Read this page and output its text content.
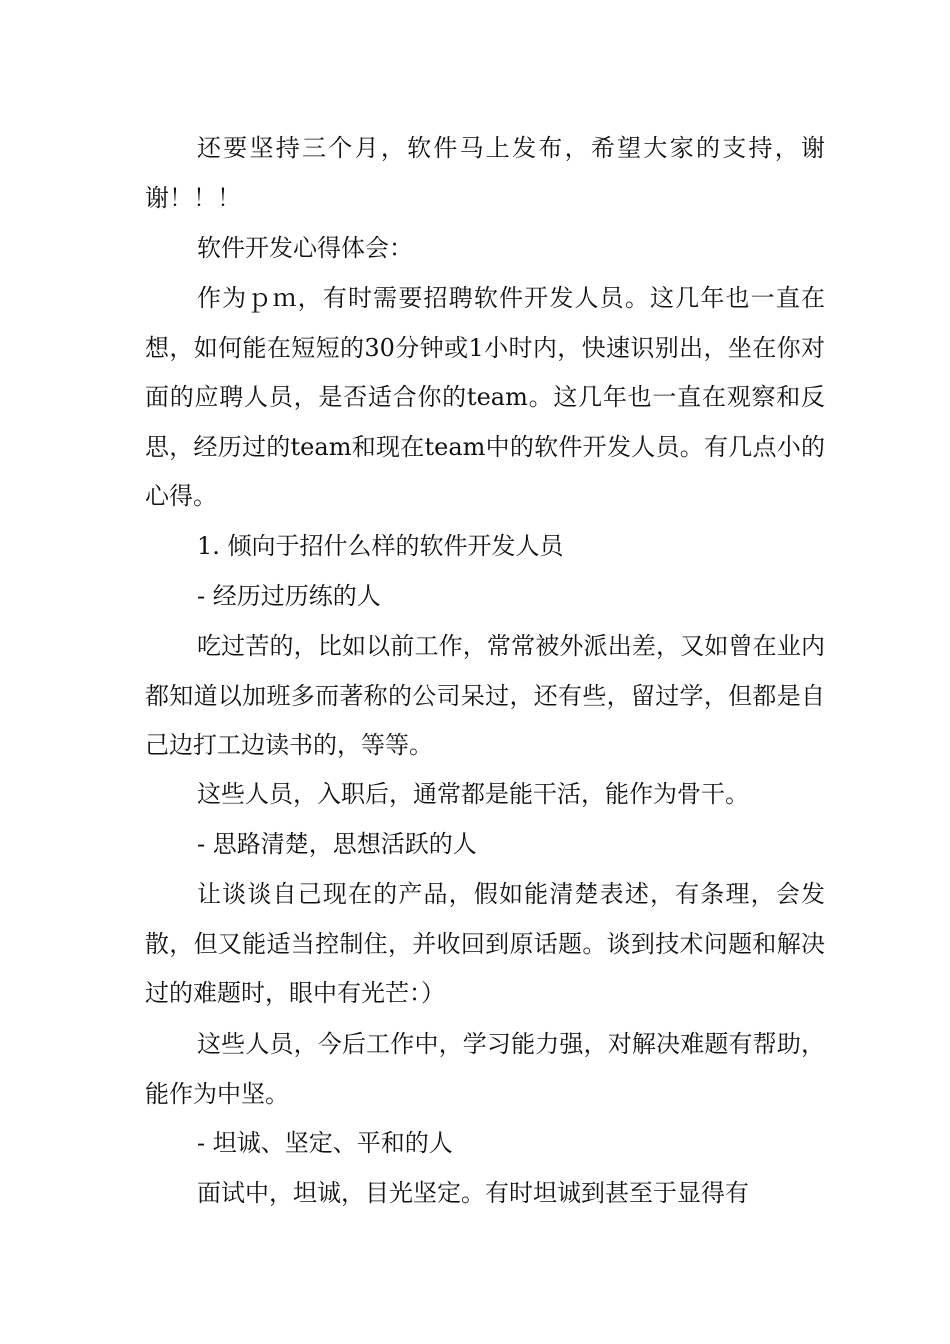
还要坚持三个月，软件马上发布，希望大家的支持，谢谢！！！

软件开发心得体会：

作为ｐｍ，有时需要招聘软件开发人员。这几年也一直在想，如何能在短短的30分钟或1小时内，快速识别出，坐在你对面的应聘人员，是否适合你的team。这几年也一直在观察和反思，经历过的team和现在team中的软件开发人员。有几点小的心得。

1. 倾向于招什么样的软件开发人员

- 经历过历练的人

吃过苦的，比如以前工作，常常被外派出差，又如曾在业内都知道以加班多而著称的公司呆过，还有些，留过学，但都是自己边打工边读书的，等等。

这些人员，入职后，通常都是能干活，能作为骨干。

- 思路清楚，思想活跃的人

让谈谈自己现在的产品，假如能清楚表述，有条理，会发散，但又能适当控制住，并收回到原话题。谈到技术问题和解决过的难题时，眼中有光芒：）

这些人员，今后工作中，学习能力强，对解决难题有帮助，能作为中坚。

- 坦诚、坚定、平和的人

面试中，坦诚，目光坚定。有时坦诚到甚至于显得有
